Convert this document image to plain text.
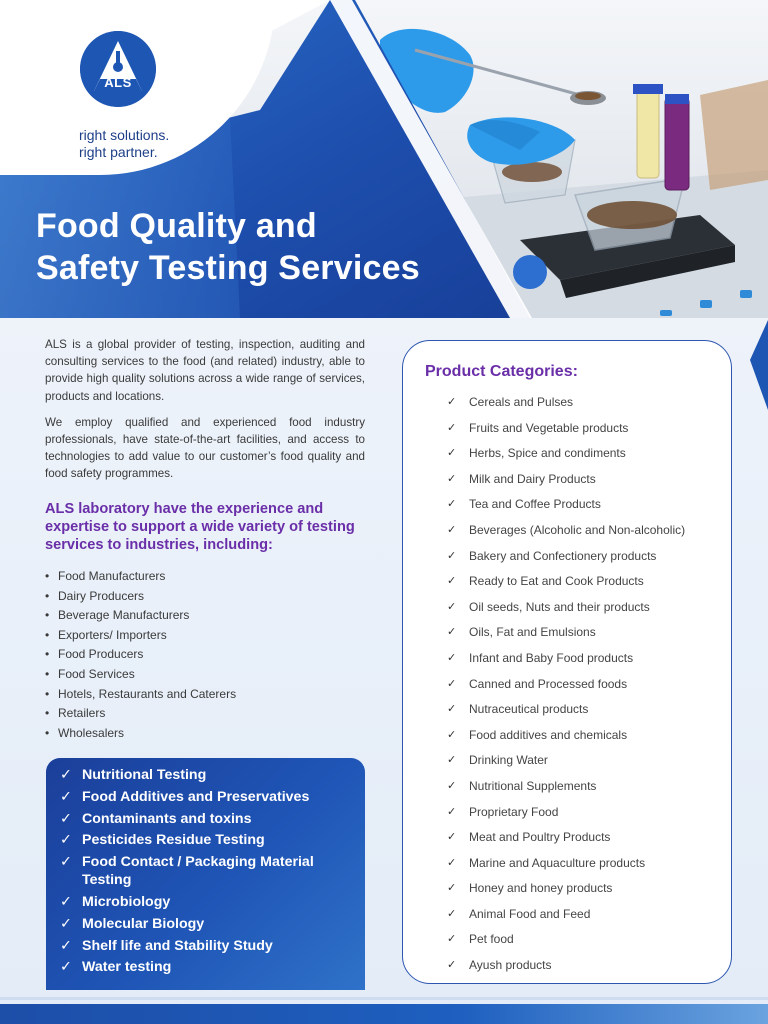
ALS
right solutions.
right partner.
Food Quality and
Safety Testing Services

ALS is a global provider of testing, inspection, auditing and consulting services to the food (and related) industry, able to provide high quality solutions across a wide range of services, products and locations.

We employ qualified and experienced food industry professionals, have state-of-the-art facilities, and access to technologies to add value to our customer’s food quality and food safety programmes.

ALS laboratory have the experience and expertise to support a wide variety of testing services to industries, including:
• Food Manufacturers
• Dairy Producers
• Beverage Manufacturers
• Exporters/ Importers
• Food Producers
• Food Services
• Hotels, Restaurants and Caterers
• Retailers
• Wholesalers
✓ Nutritional Testing
✓ Food Additives and Preservatives
✓ Contaminants and toxins
✓ Pesticides Residue Testing
✓ Food Contact / Packaging Material Testing
✓ Microbiology
✓ Molecular Biology
✓ Shelf life and Stability Study
✓ Water testing
Product Categories:
✓ Cereals and Pulses
✓ Fruits and Vegetable products
✓ Herbs, Spice and condiments
✓ Milk and Dairy Products
✓ Tea and Coffee Products
✓ Beverages (Alcoholic and Non-alcoholic)
✓ Bakery and Confectionery products
✓ Ready to Eat and Cook Products
✓ Oil seeds, Nuts and their products
✓ Oils, Fat and Emulsions
✓ Infant and Baby Food products
✓ Canned and Processed foods
✓ Nutraceutical products
✓ Food additives and chemicals
✓ Drinking Water
✓ Nutritional Supplements
✓ Proprietary Food
✓ Meat and Poultry Products
✓ Marine and Aquaculture products
✓ Honey and honey products
✓ Animal Food and Feed
✓ Pet food
✓ Ayush products
